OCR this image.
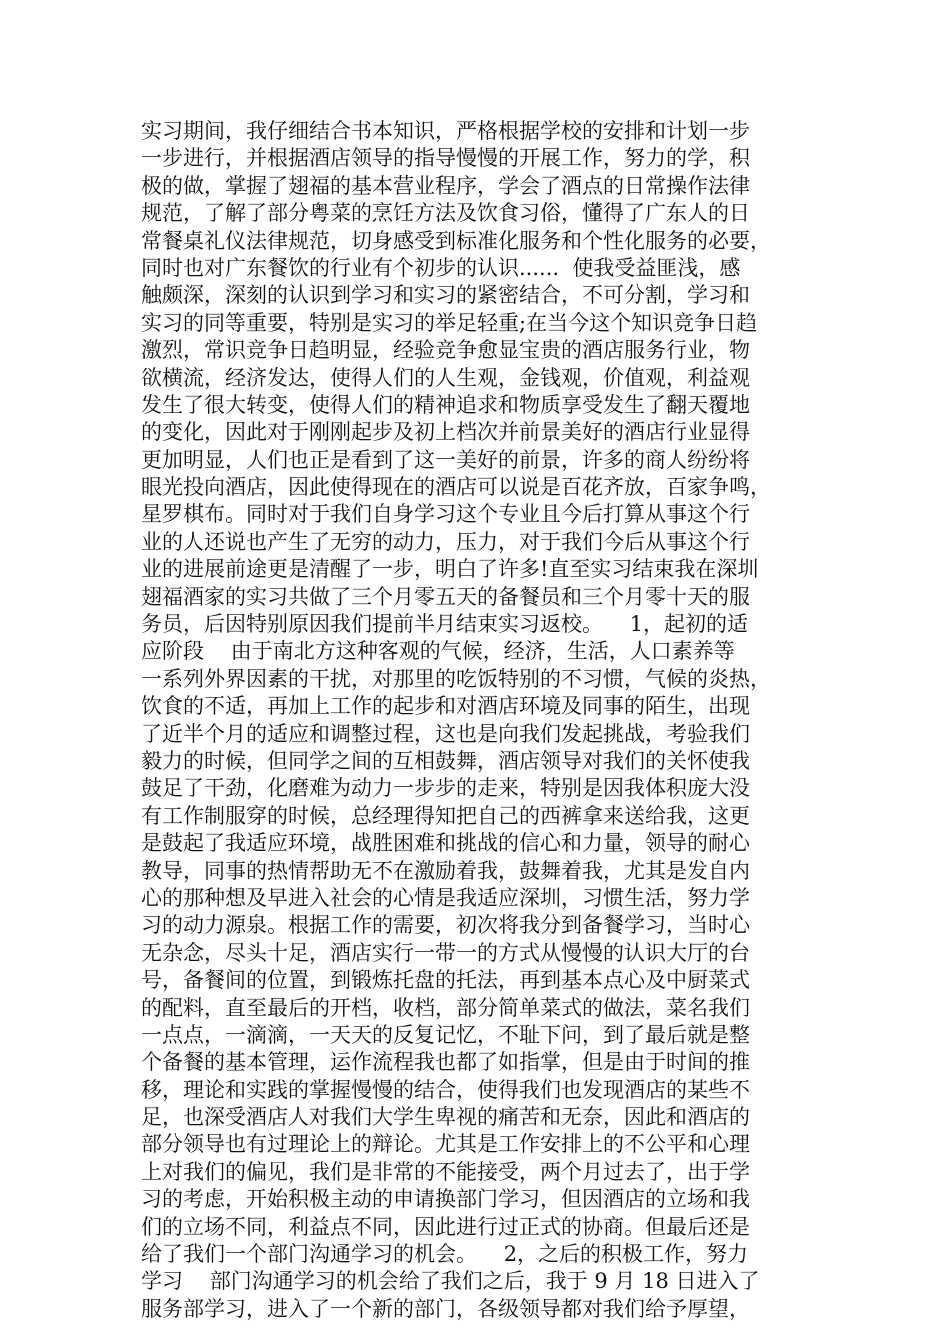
实习期间，我仔细结合书本知识，严格根据学校的安排和计划一步
一步进行，并根据酒店领导的指导慢慢的开展工作，努力的学，积
极的做，掌握了翅福的基本营业程序，学会了酒点的日常操作法律
规范，了解了部分粤菜的烹饪方法及饮食习俗，懂得了广东人的日
常餐桌礼仪法律规范，切身感受到标准化服务和个性化服务的必要，
同时也对广东餐饮的行业有个初步的认识......  使我受益匪浅，感
触颇深，深刻的认识到学习和实习的紧密结合，不可分割，学习和
实习的同等重要，特别是实习的举足轻重;在当今这个知识竞争日趋
激烈，常识竞争日趋明显，经验竞争愈显宝贵的酒店服务行业，物
欲横流，经济发达，使得人们的人生观，金钱观，价值观，利益观
发生了很大转变，使得人们的精神追求和物质享受发生了翻天覆地
的变化，因此对于刚刚起步及初上档次并前景美好的酒店行业显得
更加明显，人们也正是看到了这一美好的前景，许多的商人纷纷将
眼光投向酒店，因此使得现在的酒店可以说是百花齐放，百家争鸣，
星罗棋布。同时对于我们自身学习这个专业且今后打算从事这个行
业的人还说也产生了无穷的动力，压力，对于我们今后从事这个行
业的进展前途更是清醒了一步，明白了许多!直至实习结束我在深圳
翅福酒家的实习共做了三个月零五天的备餐员和三个月零十天的服
务员，后因特别原因我们提前半月结束实习返校。    1，起初的适
应阶段    由于南北方这种客观的气候，经济，生活，人口素养等
一系列外界因素的干扰，对那里的吃饭特别的不习惯，气候的炎热，
饮食的不适，再加上工作的起步和对酒店环境及同事的陌生，出现
了近半个月的适应和调整过程，这也是向我们发起挑战，考验我们
毅力的时候，但同学之间的互相鼓舞，酒店领导对我们的关怀使我
鼓足了干劲，化磨难为动力一步步的走来，特别是因我体积庞大没
有工作制服穿的时候，总经理得知把自己的西裤拿来送给我，这更
是鼓起了我适应环境，战胜困难和挑战的信心和力量，领导的耐心
教导，同事的热情帮助无不在激励着我，鼓舞着我，尤其是发自内
心的那种想及早进入社会的心情是我适应深圳，习惯生活，努力学
习的动力源泉。根据工作的需要，初次将我分到备餐学习，当时心
无杂念，尽头十足，酒店实行一带一的方式从慢慢的认识大厅的台
号，备餐间的位置，到锻炼托盘的托法，再到基本点心及中厨菜式
的配料，直至最后的开档，收档，部分简单菜式的做法，菜名我们
一点点，一滴滴，一天天的反复记忆，不耻下问，到了最后就是整
个备餐的基本管理，运作流程我也都了如指掌，但是由于时间的推
移，理论和实践的掌握慢慢的结合，使得我们也发现酒店的某些不
足，也深受酒店人对我们大学生卑视的痛苦和无奈，因此和酒店的
部分领导也有过理论上的辩论。尤其是工作安排上的不公平和心理
上对我们的偏见，我们是非常的不能接受，两个月过去了，出于学
习的考虑，开始积极主动的申请换部门学习，但因酒店的立场和我
们的立场不同，利益点不同，因此进行过正式的协商。但最后还是
给了我们一个部门沟通学习的机会。    2，之后的积极工作，努力
学习    部门沟通学习的机会给了我们之后，我于 9 月 18 日进入了
服务部学习，进入了一个新的部门，各级领导都对我们给予厚望，
